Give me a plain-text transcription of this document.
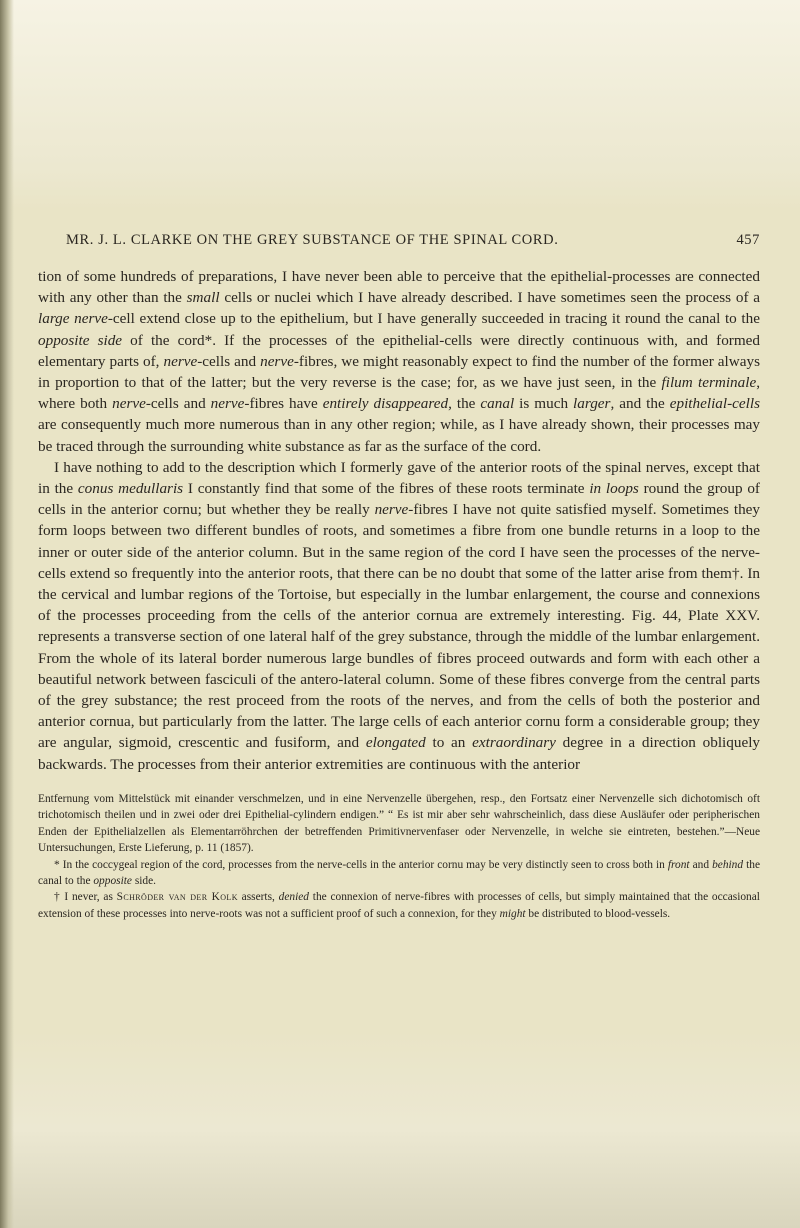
MR. J. L. CLARKE ON THE GREY SUBSTANCE OF THE SPINAL CORD.	457

tion of some hundreds of preparations, I have never been able to perceive that the epithelial-processes are connected with any other than the small cells or nuclei which I have already described. I have sometimes seen the process of a large nerve-cell extend close up to the epithelium, but I have generally succeeded in tracing it round the canal to the opposite side of the cord*. If the processes of the epithelial-cells were directly continuous with, and formed elementary parts of, nerve-cells and nerve-fibres, we might reasonably expect to find the number of the former always in proportion to that of the latter; but the very reverse is the case; for, as we have just seen, in the filum terminale, where both nerve-cells and nerve-fibres have entirely disappeared, the canal is much larger, and the epithelial-cells are consequently much more numerous than in any other region; while, as I have already shown, their processes may be traced through the surrounding white substance as far as the surface of the cord.

I have nothing to add to the description which I formerly gave of the anterior roots of the spinal nerves, except that in the conus medullaris I constantly find that some of the fibres of these roots terminate in loops round the group of cells in the anterior cornu; but whether they be really nerve-fibres I have not quite satisfied myself. Sometimes they form loops between two different bundles of roots, and sometimes a fibre from one bundle returns in a loop to the inner or outer side of the anterior column. But in the same region of the cord I have seen the processes of the nerve-cells extend so frequently into the anterior roots, that there can be no doubt that some of the latter arise from them†. In the cervical and lumbar regions of the Tortoise, but especially in the lumbar enlargement, the course and connexions of the processes proceeding from the cells of the anterior cornua are extremely interesting. Fig. 44, Plate XXV. represents a transverse section of one lateral half of the grey substance, through the middle of the lumbar enlargement. From the whole of its lateral border numerous large bundles of fibres proceed outwards and form with each other a beautiful network between fasciculi of the antero-lateral column. Some of these fibres converge from the central parts of the grey substance; the rest proceed from the roots of the nerves, and from the cells of both the posterior and anterior cornua, but particularly from the latter. The large cells of each anterior cornu form a considerable group; they are angular, sigmoid, crescentic and fusiform, and elongated to an extraordinary degree in a direction obliquely backwards. The processes from their anterior extremities are continuous with the anterior

Entfernung vom Mittelstück mit einander verschmelzen, und in eine Nervenzelle übergehen, resp., den Fortsatz einer Nervenzelle sich dichotomisch oft trichotomisch theilen und in zwei oder drei Epithelial-cylindern endigen.” “ Es ist mir aber sehr wahrscheinlich, dass diese Ausläufer oder peripherischen Enden der Epithelialzellen als Elementarröhrchen der betreffenden Primitivnervenfaser oder Nervenzelle, in welche sie eintreten, bestehen.”—Neue Untersuchungen, Erste Lieferung, p. 11 (1857).

* In the coccygeal region of the cord, processes from the nerve-cells in the anterior cornu may be very distinctly seen to cross both in front and behind the canal to the opposite side.

† I never, as Schröder van der Kolk asserts, denied the connexion of nerve-fibres with processes of cells, but simply maintained that the occasional extension of these processes into nerve-roots was not a sufficient proof of such a connexion, for they might be distributed to blood-vessels.
